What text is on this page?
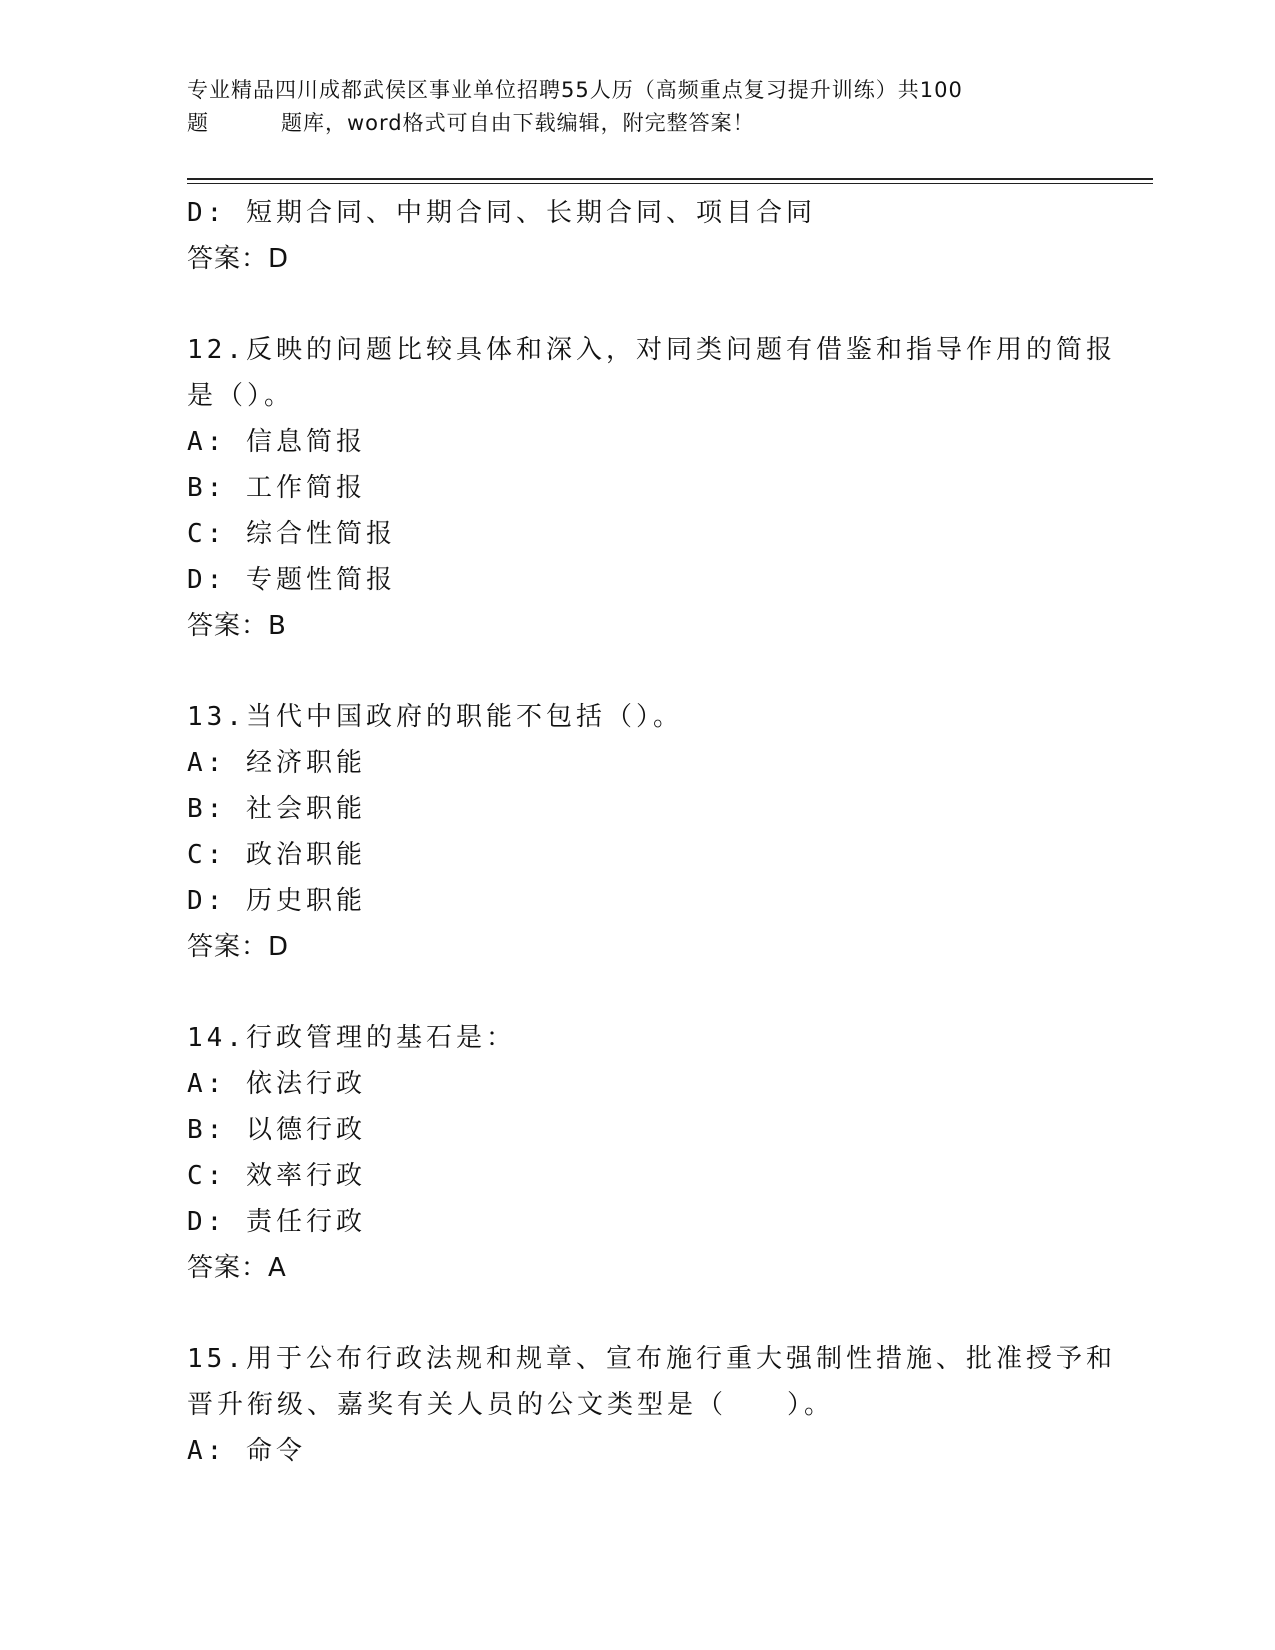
专业精品四川成都武侯区事业单位招聘55人历（高频重点复习提升训练）共100
题	题库，word格式可自由下载编辑，附完整答案！
D: 短期合同、中期合同、长期合同、项目合同
答案：D
12.反映的问题比较具体和深入，对同类问题有借鉴和指导作用的简报
是（）。
A: 信息简报
B: 工作简报
C: 综合性简报
D: 专题性简报
答案：B
13.当代中国政府的职能不包括（）。
A: 经济职能
B: 社会职能
C: 政治职能
D: 历史职能
答案：D
14.行政管理的基石是：
A: 依法行政
B: 以德行政
C: 效率行政
D: 责任行政
答案：A
15.用于公布行政法规和规章、宣布施行重大强制性措施、批准授予和
晋升衔级、嘉奖有关人员的公文类型是（　　）。
A: 命令
